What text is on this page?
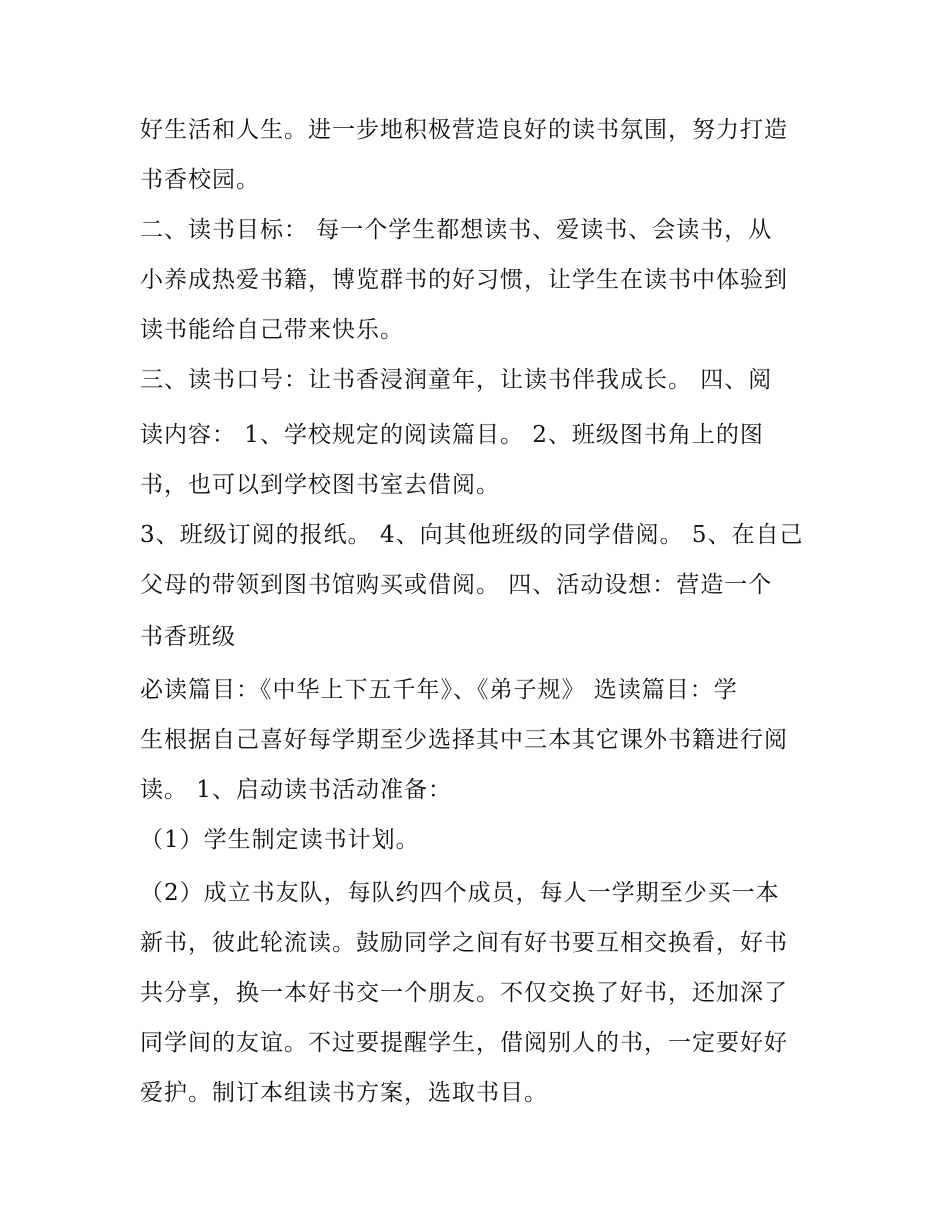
好生活和人生。进一步地积极营造良好的读书氛围，努力打造
书香校园。
二、读书目标： 每一个学生都想读书、爱读书、会读书，从
小养成热爱书籍，博览群书的好习惯，让学生在读书中体验到
读书能给自己带来快乐。
三、读书口号：让书香浸润童年，让读书伴我成长。 四、阅
读内容： 1、学校规定的阅读篇目。 2、班级图书角上的图
书，也可以到学校图书室去借阅。
3、班级订阅的报纸。 4、向其他班级的同学借阅。 5、在自己
父母的带领到图书馆购买或借阅。 四、活动设想：营造一个
书香班级
必读篇目：《中华上下五千年》、《弟子规》 选读篇目：学
生根据自己喜好每学期至少选择其中三本其它课外书籍进行阅
读。 1、启动读书活动准备：
（1）学生制定读书计划。
（2）成立书友队，每队约四个成员，每人一学期至少买一本
新书，彼此轮流读。鼓励同学之间有好书要互相交换看，好书
共分享，换一本好书交一个朋友。不仅交换了好书，还加深了
同学间的友谊。不过要提醒学生，借阅别人的书，一定要好好
爱护。制订本组读书方案，选取书目。
